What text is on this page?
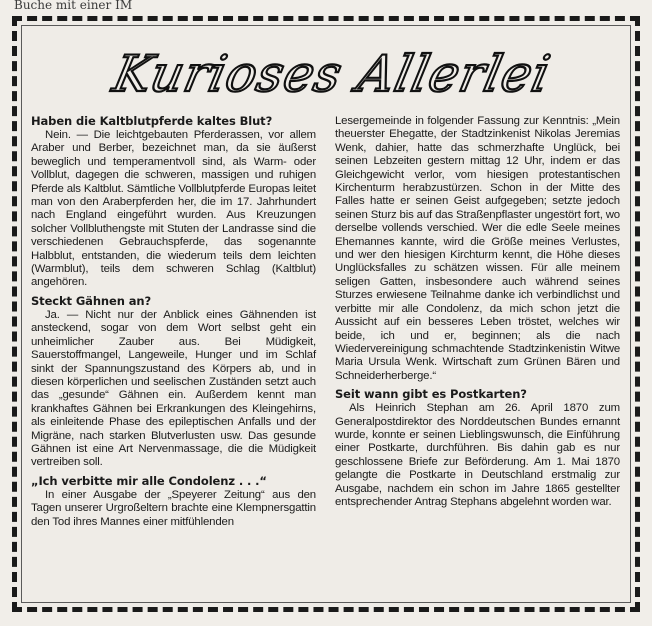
Buche mit einer IM
Kurioses Allerlei
Haben die Kaltblutpferde kaltes Blut?

Nein. — Die leichtgebauten Pferderassen, vor allem Araber und Berber, bezeichnet man, da sie äußerst beweglich und temperamentvoll sind, als Warm- oder Vollblut, dagegen die schweren, massigen und ruhigen Pferde als Kaltblut. Sämtliche Vollblutpferde Europas leitet man von den Araberpferden her, die im 17. Jahrhundert nach England eingeführt wurden. Aus Kreuzungen solcher Vollbluthengste mit Stuten der Landrasse sind die verschiedenen Gebrauchspferde, das sogenannte Halbblut, entstanden, die wiederum teils dem leichten (Warmblut), teils dem schweren Schlag (Kaltblut) angehören.

Steckt Gähnen an?

Ja. — Nicht nur der Anblick eines Gähnenden ist ansteckend, sogar von dem Wort selbst geht ein unheimlicher Zauber aus. Bei Müdigkeit, Sauerstoffmangel, Langeweile, Hunger und im Schlaf sinkt der Spannungszustand des Körpers ab, und in diesen körperlichen und seelischen Zuständen setzt auch das „gesunde“ Gähnen ein. Außerdem kennt man krankhaftes Gähnen bei Erkrankungen des Kleingehirns, als einleitende Phase des epileptischen Anfalls und der Migräne, nach starken Blutverlusten usw. Das gesunde Gähnen ist eine Art Nervenmassage, die die Müdigkeit vertreiben soll.

„Ich verbitte mir alle Condolenz . . .“

In einer Ausgabe der „Speyerer Zeitung“ aus den Tagen unserer Urgroßeltern brachte eine Klempnersgattin den Tod ihres Mannes einer mitfühlenden

Lesergemeinde in folgender Fassung zur Kenntnis: „Mein theuerster Ehegatte, der Stadtzinkenist Nikolas Jeremias Wenk, dahier, hatte das schmerzhafte Unglück, bei seinen Lebzeiten gestern mittag 12 Uhr, indem er das Gleichgewicht verlor, vom hiesigen protestantischen Kirchenturm herabzustürzen. Schon in der Mitte des Falles hatte er seinen Geist aufgegeben; setzte jedoch seinen Sturz bis auf das Straßenpflaster ungestört fort, wo derselbe vollends verschied. Wer die edle Seele meines Ehemannes kannte, wird die Größe meines Verlustes, und wer den hiesigen Kirchturm kennt, die Höhe dieses Unglücksfalles zu schätzen wissen. Für alle meinem seligen Gatten, insbesondere auch während seines Sturzes erwiesene Teilnahme danke ich verbindlichst und verbitte mir alle Condolenz, da mich schon jetzt die Aussicht auf ein besseres Leben tröstet, welches wir beide, ich und er, beginnen; als die nach Wiedervereinigung schmachtende Stadtzinkenistin Witwe Maria Ursula Wenk. Wirtschaft zum Grünen Bären und Schneiderherberge.“

Seit wann gibt es Postkarten?

Als Heinrich Stephan am 26. April 1870 zum Generalpostdirektor des Norddeutschen Bundes ernannt wurde, konnte er seinen Lieblingswunsch, die Einführung einer Postkarte, durchführen. Bis dahin gab es nur geschlossene Briefe zur Beförderung. Am 1. Mai 1870 gelangte die Postkarte in Deutschland erstmalig zur Ausgabe, nachdem ein schon im Jahre 1865 gestellter entsprechender Antrag Stephans abgelehnt worden war.
